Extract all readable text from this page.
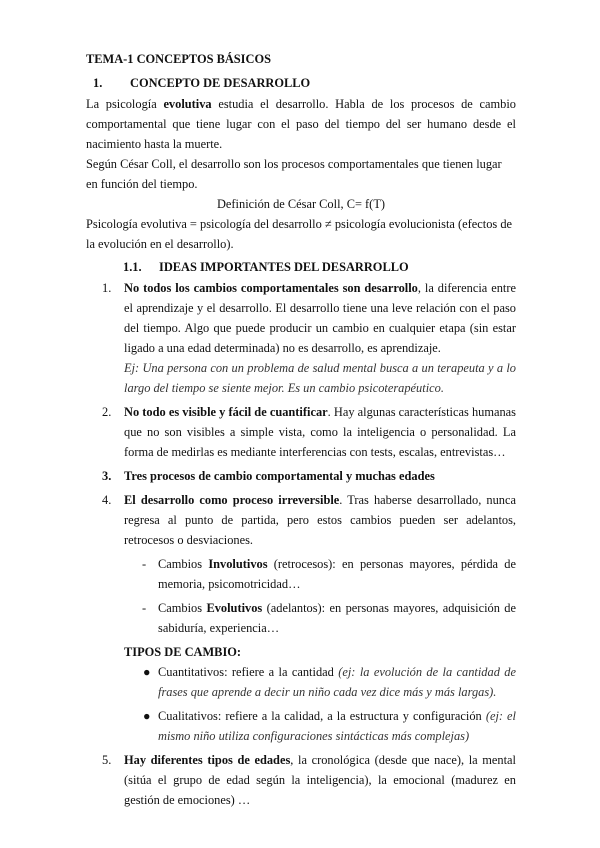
TEMA-1 CONCEPTOS BÁSICOS

1. CONCEPTO DE DESARROLLO

La psicología evolutiva estudia el desarrollo. Habla de los procesos de cambio comportamental que tiene lugar con el paso del tiempo del ser humano desde el nacimiento hasta la muerte.

Según César Coll, el desarrollo son los procesos comportamentales que tienen lugar en función del tiempo.

Definición de César Coll, C= f(T)

Psicología evolutiva = psicología del desarrollo ≠ psicología evolucionista (efectos de la evolución en el desarrollo).

1.1. IDEAS IMPORTANTES DEL DESARROLLO

1. No todos los cambios comportamentales son desarrollo, la diferencia entre el aprendizaje y el desarrollo. El desarrollo tiene una leve relación con el paso del tiempo. Algo que puede producir un cambio en cualquier etapa (sin estar ligado a una edad determinada) no es desarrollo, es aprendizaje.

Ej: Una persona con un problema de salud mental busca a un terapeuta y a lo largo del tiempo se siente mejor. Es un cambio psicoterapéutico.

2. No todo es visible y fácil de cuantificar. Hay algunas características humanas que no son visibles a simple vista, como la inteligencia o personalidad. La forma de medirlas es mediante interferencias con tests, escalas, entrevistas…
3. Tres procesos de cambio comportamental y muchas edades
4. El desarrollo como proceso irreversible. Tras haberse desarrollado, nunca regresa al punto de partida, pero estos cambios pueden ser adelantos, retrocesos o desviaciones.
- Cambios Involutivos (retrocesos): en personas mayores, pérdida de memoria, psicomotricidad…
- Cambios Evolutivos (adelantos): en personas mayores, adquisición de sabiduría, experiencia…

TIPOS DE CAMBIO:

● Cuantitativos: refiere a la cantidad (ej: la evolución de la cantidad de frases que aprende a decir un niño cada vez dice más y más largas).
● Cualitativos: refiere a la calidad, a la estructura y configuración (ej: el mismo niño utiliza configuraciones sintácticas más complejas)
5. Hay diferentes tipos de edades, la cronológica (desde que nace), la mental (sitúa el grupo de edad según la inteligencia), la emocional (madurez en gestión de emociones) …
